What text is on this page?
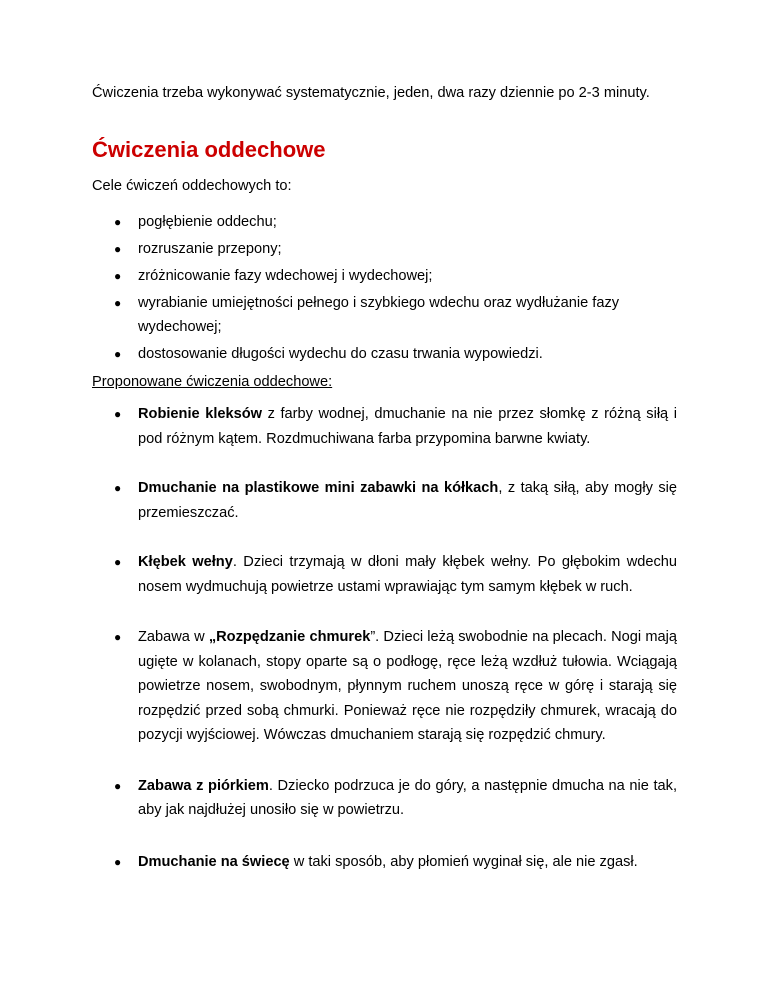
Ćwiczenia trzeba wykonywać systematycznie, jeden, dwa razy dziennie po 2-3 minuty.

Ćwiczenia oddechowe

Cele ćwiczeń oddechowych to:

● pogłębienie oddechu;
● rozruszanie przepony;
● zróżnicowanie fazy wdechowej i wydechowej;
● wyrabianie umiejętności pełnego i szybkiego wdechu oraz wydłużanie fazy wydechowej;
● dostosowanie długości wydechu do czasu trwania wypowiedzi.

Proponowane ćwiczenia oddechowe:

● Robienie kleksów z farby wodnej, dmuchanie na nie przez słomkę z różną siłą i pod różnym kątem. Rozdmuchiwana farba przypomina barwne kwiaty.
● Dmuchanie na plastikowe mini zabawki na kółkach, z taką siłą, aby mogły się przemieszczać.
● Kłębek wełny. Dzieci trzymają w dłoni mały kłębek wełny. Po głębokim wdechu nosem wydmuchują powietrze ustami wprawiając tym samym kłębek w ruch.
● Zabawa w „Rozpędzanie chmurek”. Dzieci leżą swobodnie na plecach. Nogi mają ugięte w kolanach, stopy oparte są o podłogę, ręce leżą wzdłuż tułowia. Wciągają powietrze nosem, swobodnym, płynnym ruchem unoszą ręce w górę i starają się rozpędzić przed sobą chmurki. Ponieważ ręce nie rozpędziły chmurek, wracają do pozycji wyjściowej. Wówczas dmuchaniem starają się rozpędzić chmury.
● Zabawa z piórkiem. Dziecko podrzuca je do góry, a następnie dmucha na nie tak, aby jak najdłużej unosiło się w powietrzu.
● Dmuchanie na świecę w taki sposób, aby płomień wyginał się, ale nie zgasł.
